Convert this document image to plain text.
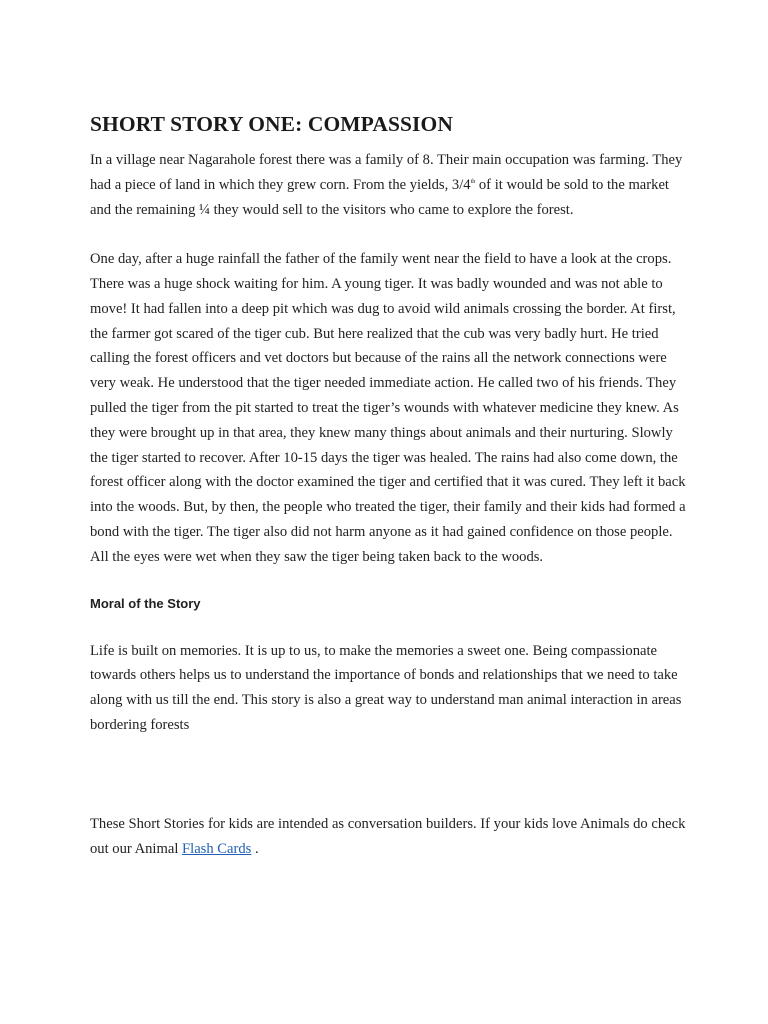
SHORT STORY ONE: COMPASSION

In a village near Nagarahole forest there was a family of 8. Their main occupation was farming. They had a piece of land in which they grew corn. From the yields, 3/4th of it would be sold to the market and the remaining ¼ they would sell to the visitors who came to explore the forest.

One day, after a huge rainfall the father of the family went near the field to have a look at the crops. There was a huge shock waiting for him. A young tiger. It was badly wounded and was not able to move! It had fallen into a deep pit which was dug to avoid wild animals crossing the border. At first, the farmer got scared of the tiger cub. But here realized that the cub was very badly hurt. He tried calling the forest officers and vet doctors but because of the rains all the network connections were very weak. He understood that the tiger needed immediate action. He called two of his friends. They pulled the tiger from the pit started to treat the tiger’s wounds with whatever medicine they knew. As they were brought up in that area, they knew many things about animals and their nurturing. Slowly the tiger started to recover. After 10-15 days the tiger was healed. The rains had also come down, the forest officer along with the doctor examined the tiger and certified that it was cured. They left it back into the woods. But, by then, the people who treated the tiger, their family and their kids had formed a bond with the tiger. The tiger also did not harm anyone as it had gained confidence on those people. All the eyes were wet when they saw the tiger being taken back to the woods.

Moral of the Story

Life is built on memories. It is up to us, to make the memories a sweet one. Being compassionate towards others helps us to understand the importance of bonds and relationships that we need to take along with us till the end. This story is also a great way to understand man animal interaction in areas bordering forests

These Short Stories for kids are intended as conversation builders. If your kids love Animals do check out our Animal Flash Cards .
